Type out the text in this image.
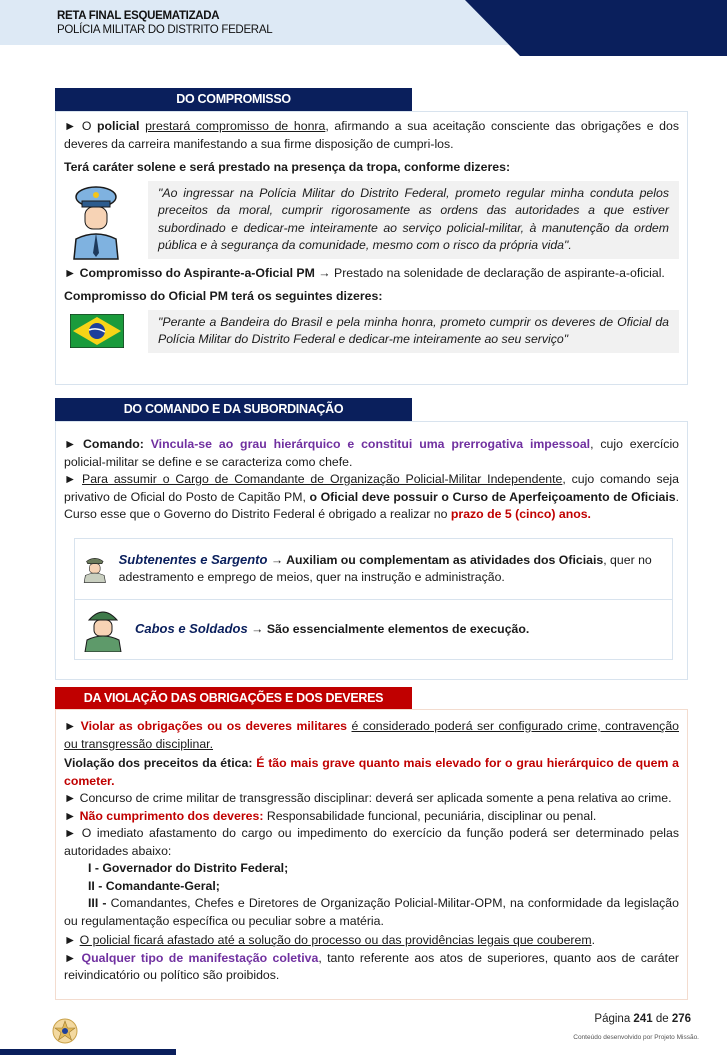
RETA FINAL ESQUEMATIZADA
POLÍCIA MILITAR DO DISTRITO FEDERAL
DO COMPROMISSO

► O policial prestará compromisso de honra, afirmando a sua aceitação consciente das obrigações e dos deveres da carreira manifestando a sua firme disposição de cumpri-los.

Terá caráter solene e será prestado na presença da tropa, conforme dizeres:

"Ao ingressar na Polícia Militar do Distrito Federal, prometo regular minha conduta pelos preceitos da moral, cumprir rigorosamente as ordens das autoridades a que estiver subordinado e dedicar-me inteiramente ao serviço policial-militar, à manutenção da ordem pública e à segurança da comunidade, mesmo com o risco da própria vida".

► Compromisso do Aspirante-a-Oficial PM → Prestado na solenidade de declaração de aspirante-a-oficial.

Compromisso do Oficial PM terá os seguintes dizeres:

"Perante a Bandeira do Brasil e pela minha honra, prometo cumprir os deveres de Oficial da Polícia Militar do Distrito Federal e dedicar-me inteiramente ao seu serviço"
DO COMANDO E DA SUBORDINAÇÃO

► Comando: Vincula-se ao grau hierárquico e constitui uma prerrogativa impessoal, cujo exercício policial-militar se define e se caracteriza como chefe.

► Para assumir o Cargo de Comandante de Organização Policial-Militar Independente, cujo comando seja privativo de Oficial do Posto de Capitão PM, o Oficial deve possuir o Curso de Aperfeiçoamento de Oficiais. Curso esse que o Governo do Distrito Federal é obrigado a realizar no prazo de 5 (cinco) anos.

Subtenentes e Sargento → Auxiliam ou complementam as atividades dos Oficiais, quer no adestramento e emprego de meios, quer na instrução e administração.
Cabos e Soldados → São essencialmente elementos de execução.
DA VIOLAÇÃO DAS OBRIGAÇÕES E DOS DEVERES

► Violar as obrigações ou os deveres militares é considerado poderá ser configurado crime, contravenção ou transgressão disciplinar.

Violação dos preceitos da ética: É tão mais grave quanto mais elevado for o grau hierárquico de quem a cometer.

► Concurso de crime militar de transgressão disciplinar: deverá ser aplicada somente a pena relativa ao crime.

► Não cumprimento dos deveres: Responsabilidade funcional, pecuniária, disciplinar ou penal.

► O imediato afastamento do cargo ou impedimento do exercício da função poderá ser determinado pelas autoridades abaixo:

I - Governador do Distrito Federal;

II - Comandante-Geral;

III - Comandantes, Chefes e Diretores de Organização Policial-Militar-OPM, na conformidade da legislação ou regulamentação específica ou peculiar sobre a matéria.

► O policial ficará afastado até a solução do processo ou das providências legais que couberem.

► Qualquer tipo de manifestação coletiva, tanto referente aos atos de superiores, quanto aos de caráter reivindicatório ou político são proibidos.

Página 241 de 276
Conteúdo desenvolvido por Projeto Missão.
